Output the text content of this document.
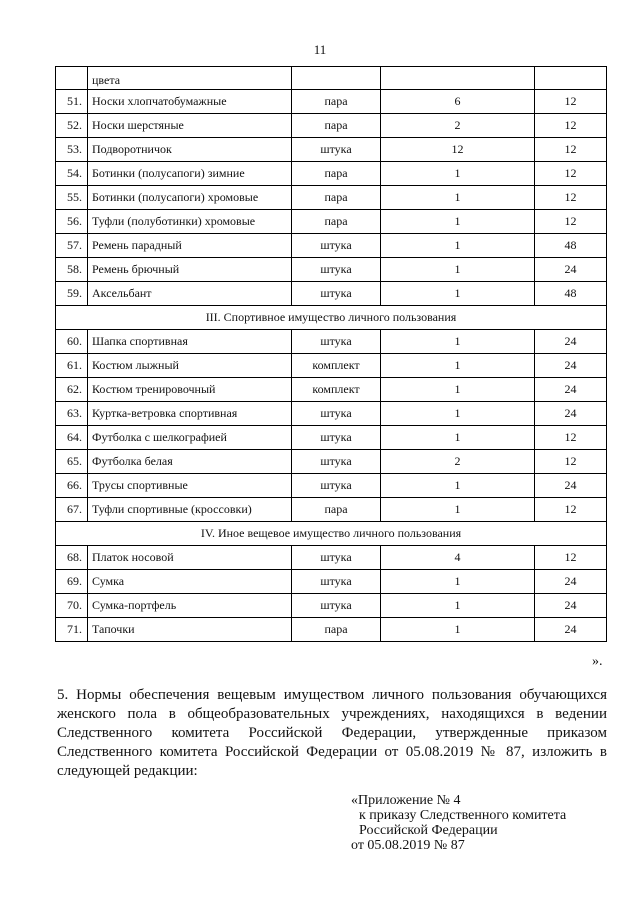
11
	цвета			
51.	Носки хлопчатобумажные	пара	6	12
52.	Носки шерстяные	пара	2	12
53.	Подворотничок	штука	12	12
54.	Ботинки (полусапоги) зимние	пара	1	12
55.	Ботинки (полусапоги) хромовые	пара	1	12
56.	Туфли (полуботинки) хромовые	пара	1	12
57.	Ремень парадный	штука	1	48
58.	Ремень брючный	штука	1	24
59.	Аксельбант	штука	1	48
III. Спортивное имущество личного пользования				
60.	Шапка спортивная	штука	1	24
61.	Костюм лыжный	комплект	1	24
62.	Костюм тренировочный	комплект	1	24
63.	Куртка-ветровка спортивная	штука	1	24
64.	Футболка с шелкографией	штука	1	12
65.	Футболка белая	штука	2	12
66.	Трусы спортивные	штука	1	24
67.	Туфли спортивные (кроссовки)	пара	1	12
IV. Иное вещевое имущество личного пользования				
68.	Платок носовой	штука	4	12
69.	Сумка	штука	1	24
70.	Сумка-портфель	штука	1	24
71.	Тапочки	пара	1	24
».
5. Нормы обеспечения вещевым имуществом личного пользования обучающихся женского пола в общеобразовательных учреждениях, находящихся в ведении Следственного комитета Российской Федерации, утвержденные приказом Следственного комитета Российской Федерации от 05.08.2019 № 87, изложить в следующей редакции:
«Приложение № 4
к приказу Следственного комитета
Российской Федерации
от 05.08.2019 № 87
